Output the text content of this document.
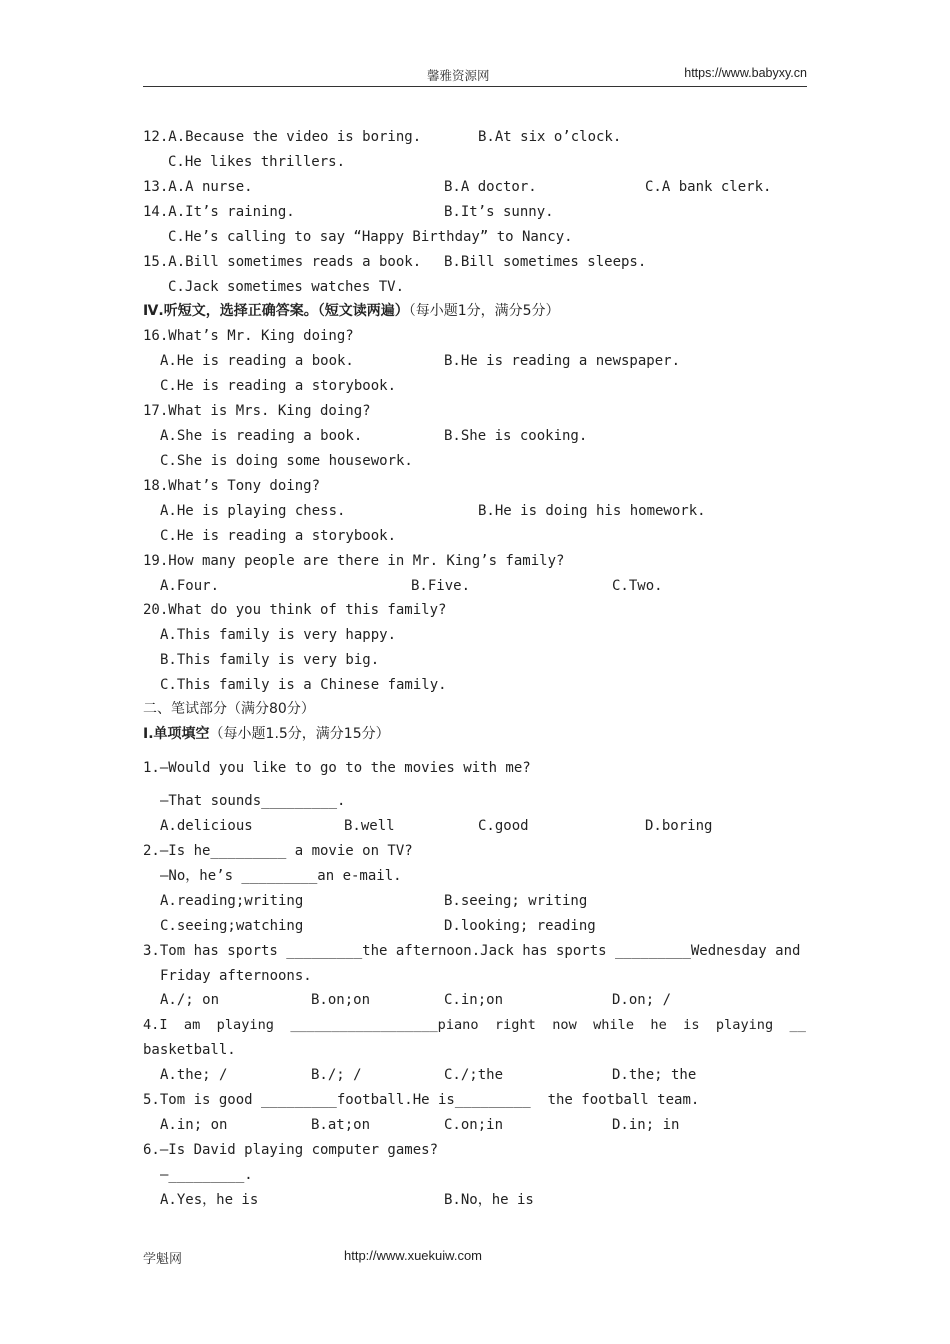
馨雅资源网	https://www.babyxy.cn
12.A.Because the video is boring.	B.At six o’clock.
C.He likes thrillers.
13.A.A nurse.	B.A doctor.	C.A bank clerk.
14.A.It’s raining.	B.It’s sunny.
C.He’s calling to say “Happy Birthday” to Nancy.
15.A.Bill sometimes reads a book. B.Bill sometimes sleeps.
C.Jack sometimes watches TV.
Ⅳ.听短文，选择正确答案。（短文读两遍）（每小题1分，满分5分）
16.What’s Mr. King doing?
A.He is reading a book.	B.He is reading a newspaper.
C.He is reading a storybook.
17.What is Mrs. King doing?
A.She is reading a book.	B.She is cooking.
C.She is doing some housework.
18.What’s Tony doing?
A.He is playing chess.	B.He is doing his homework.
C.He is reading a storybook.
19.How many people are there in Mr. King’s family?
A.Four.	B.Five.	C.Two.
20.What do you think of this family?
A.This family is very happy.
B.This family is very big.
C.This family is a Chinese family.
二、笔试部分（满分80分）
Ⅰ.单项填空（每小题1.5分，满分15分）
1.—Would you like to go to the movies with me?
—That sounds_________.
A.delicious	B.well	C.good	D.boring
2.—Is he_________ a movie on TV?
—No，he’s _________an e-mail.
A.reading;writing	B.seeing; writing
C.seeing;watching	D.looking; reading
3.Tom has sports _________the afternoon.Jack has sports _________Wednesday and
Friday afternoons.
A./; on	B.on;on	C.in;on	D.on; /
4.I  am  playing  __________________piano  right  now  while  he  is  playing  __
basketball.
A.the; /	B./; /	C./;the	D.the; the
5.Tom is good _________football.He is_________  the football team.
A.in; on	B.at;on	C.on;in	D.in; in
6.—Is David playing computer games?
—_________.
A.Yes，he is	B.No，he is
学魁网	http://www.xuekuiw.com
